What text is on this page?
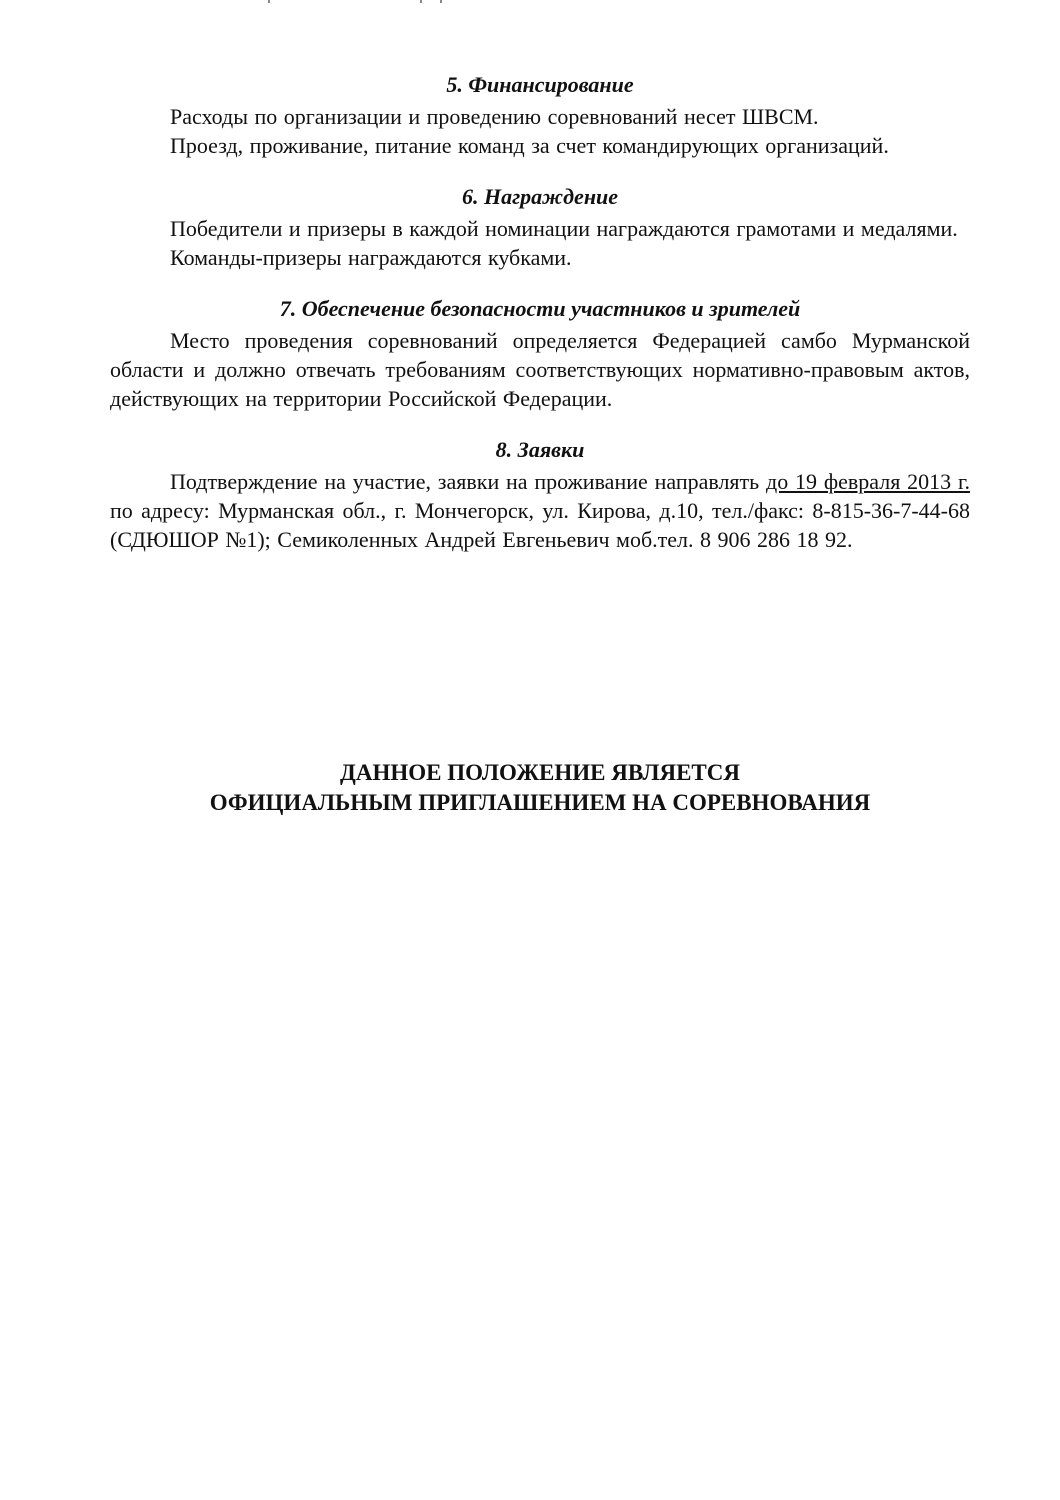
5. Финансирование

Расходы по организации и проведению соревнований несет ШВСМ.

Проезд, проживание, питание команд за счет командирующих организаций.

6. Награждение

Победители и призеры в каждой номинации награждаются грамотами и медалями.

Команды-призеры награждаются кубками.

7. Обеспечение безопасности участников и зрителей

Место проведения соревнований определяется Федерацией самбо Мурманской области и должно отвечать требованиям соответствующих нормативно-правовым актов, действующих на территории Российской Федерации.

8. Заявки

Подтверждение на участие, заявки на проживание направлять до 19 февраля 2013 г. по адресу: Мурманская обл., г. Мончегорск, ул. Кирова, д.10, тел./факс: 8-815-36-7-44-68 (СДЮШОР №1); Семиколенных Андрей Евгеньевич моб.тел. 8 906 286 18 92.

ДАННОЕ ПОЛОЖЕНИЕ ЯВЛЯЕТСЯ
ОФИЦИАЛЬНЫМ ПРИГЛАШЕНИЕМ НА СОРЕВНОВАНИЯ
